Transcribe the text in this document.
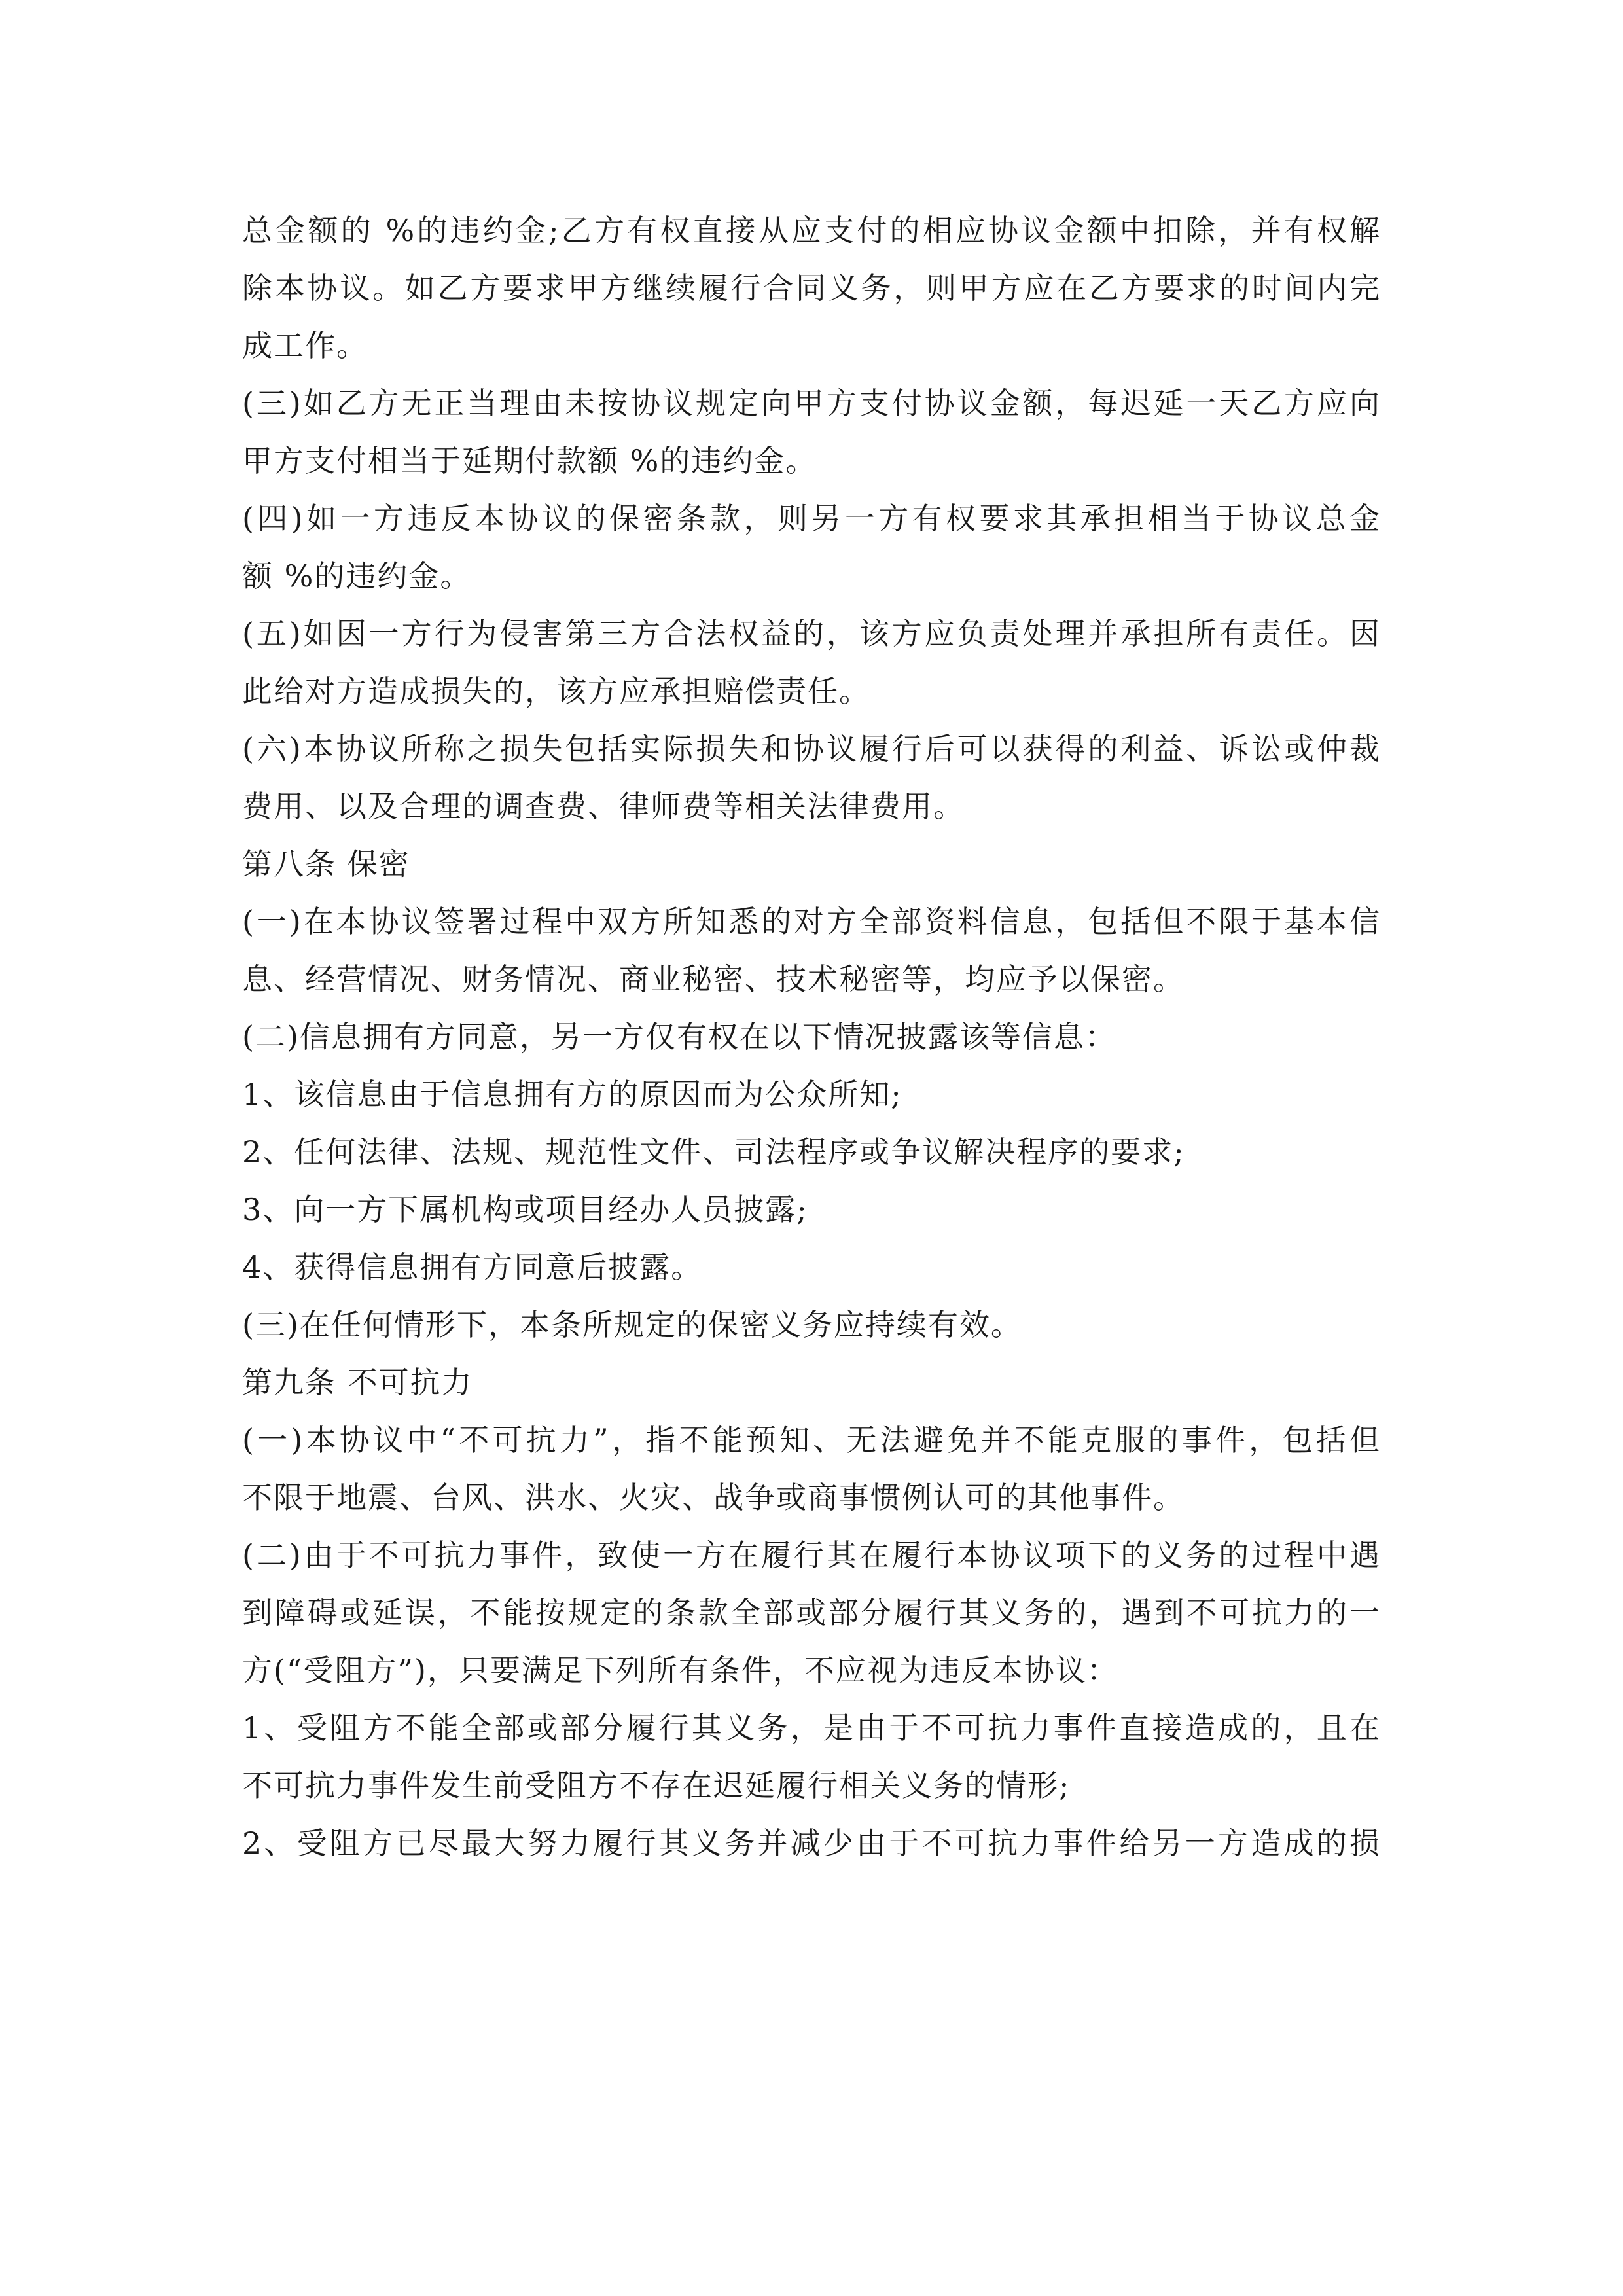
总金额的 %的违约金;乙方有权直接从应支付的相应协议金额中扣除，并有权解
除本协议。如乙方要求甲方继续履行合同义务，则甲方应在乙方要求的时间内完
成工作。
(三)如乙方无正当理由未按协议规定向甲方支付协议金额，每迟延一天乙方应向
甲方支付相当于延期付款额 %的违约金。
(四)如一方违反本协议的保密条款，则另一方有权要求其承担相当于协议总金
额 %的违约金。
(五)如因一方行为侵害第三方合法权益的，该方应负责处理并承担所有责任。因
此给对方造成损失的，该方应承担赔偿责任。
(六)本协议所称之损失包括实际损失和协议履行后可以获得的利益、诉讼或仲裁
费用、以及合理的调查费、律师费等相关法律费用。
第八条 保密
(一)在本协议签署过程中双方所知悉的对方全部资料信息，包括但不限于基本信
息、经营情况、财务情况、商业秘密、技术秘密等，均应予以保密。
(二)信息拥有方同意，另一方仅有权在以下情况披露该等信息：
1、该信息由于信息拥有方的原因而为公众所知;
2、任何法律、法规、规范性文件、司法程序或争议解决程序的要求;
3、向一方下属机构或项目经办人员披露;
4、获得信息拥有方同意后披露。
(三)在任何情形下，本条所规定的保密义务应持续有效。
第九条 不可抗力
(一)本协议中“不可抗力”，指不能预知、无法避免并不能克服的事件，包括但
不限于地震、台风、洪水、火灾、战争或商事惯例认可的其他事件。
(二)由于不可抗力事件，致使一方在履行其在履行本协议项下的义务的过程中遇
到障碍或延误，不能按规定的条款全部或部分履行其义务的，遇到不可抗力的一
方(“受阻方”)，只要满足下列所有条件，不应视为违反本协议：
1、受阻方不能全部或部分履行其义务，是由于不可抗力事件直接造成的，且在
不可抗力事件发生前受阻方不存在迟延履行相关义务的情形;
2、受阻方已尽最大努力履行其义务并减少由于不可抗力事件给另一方造成的损
